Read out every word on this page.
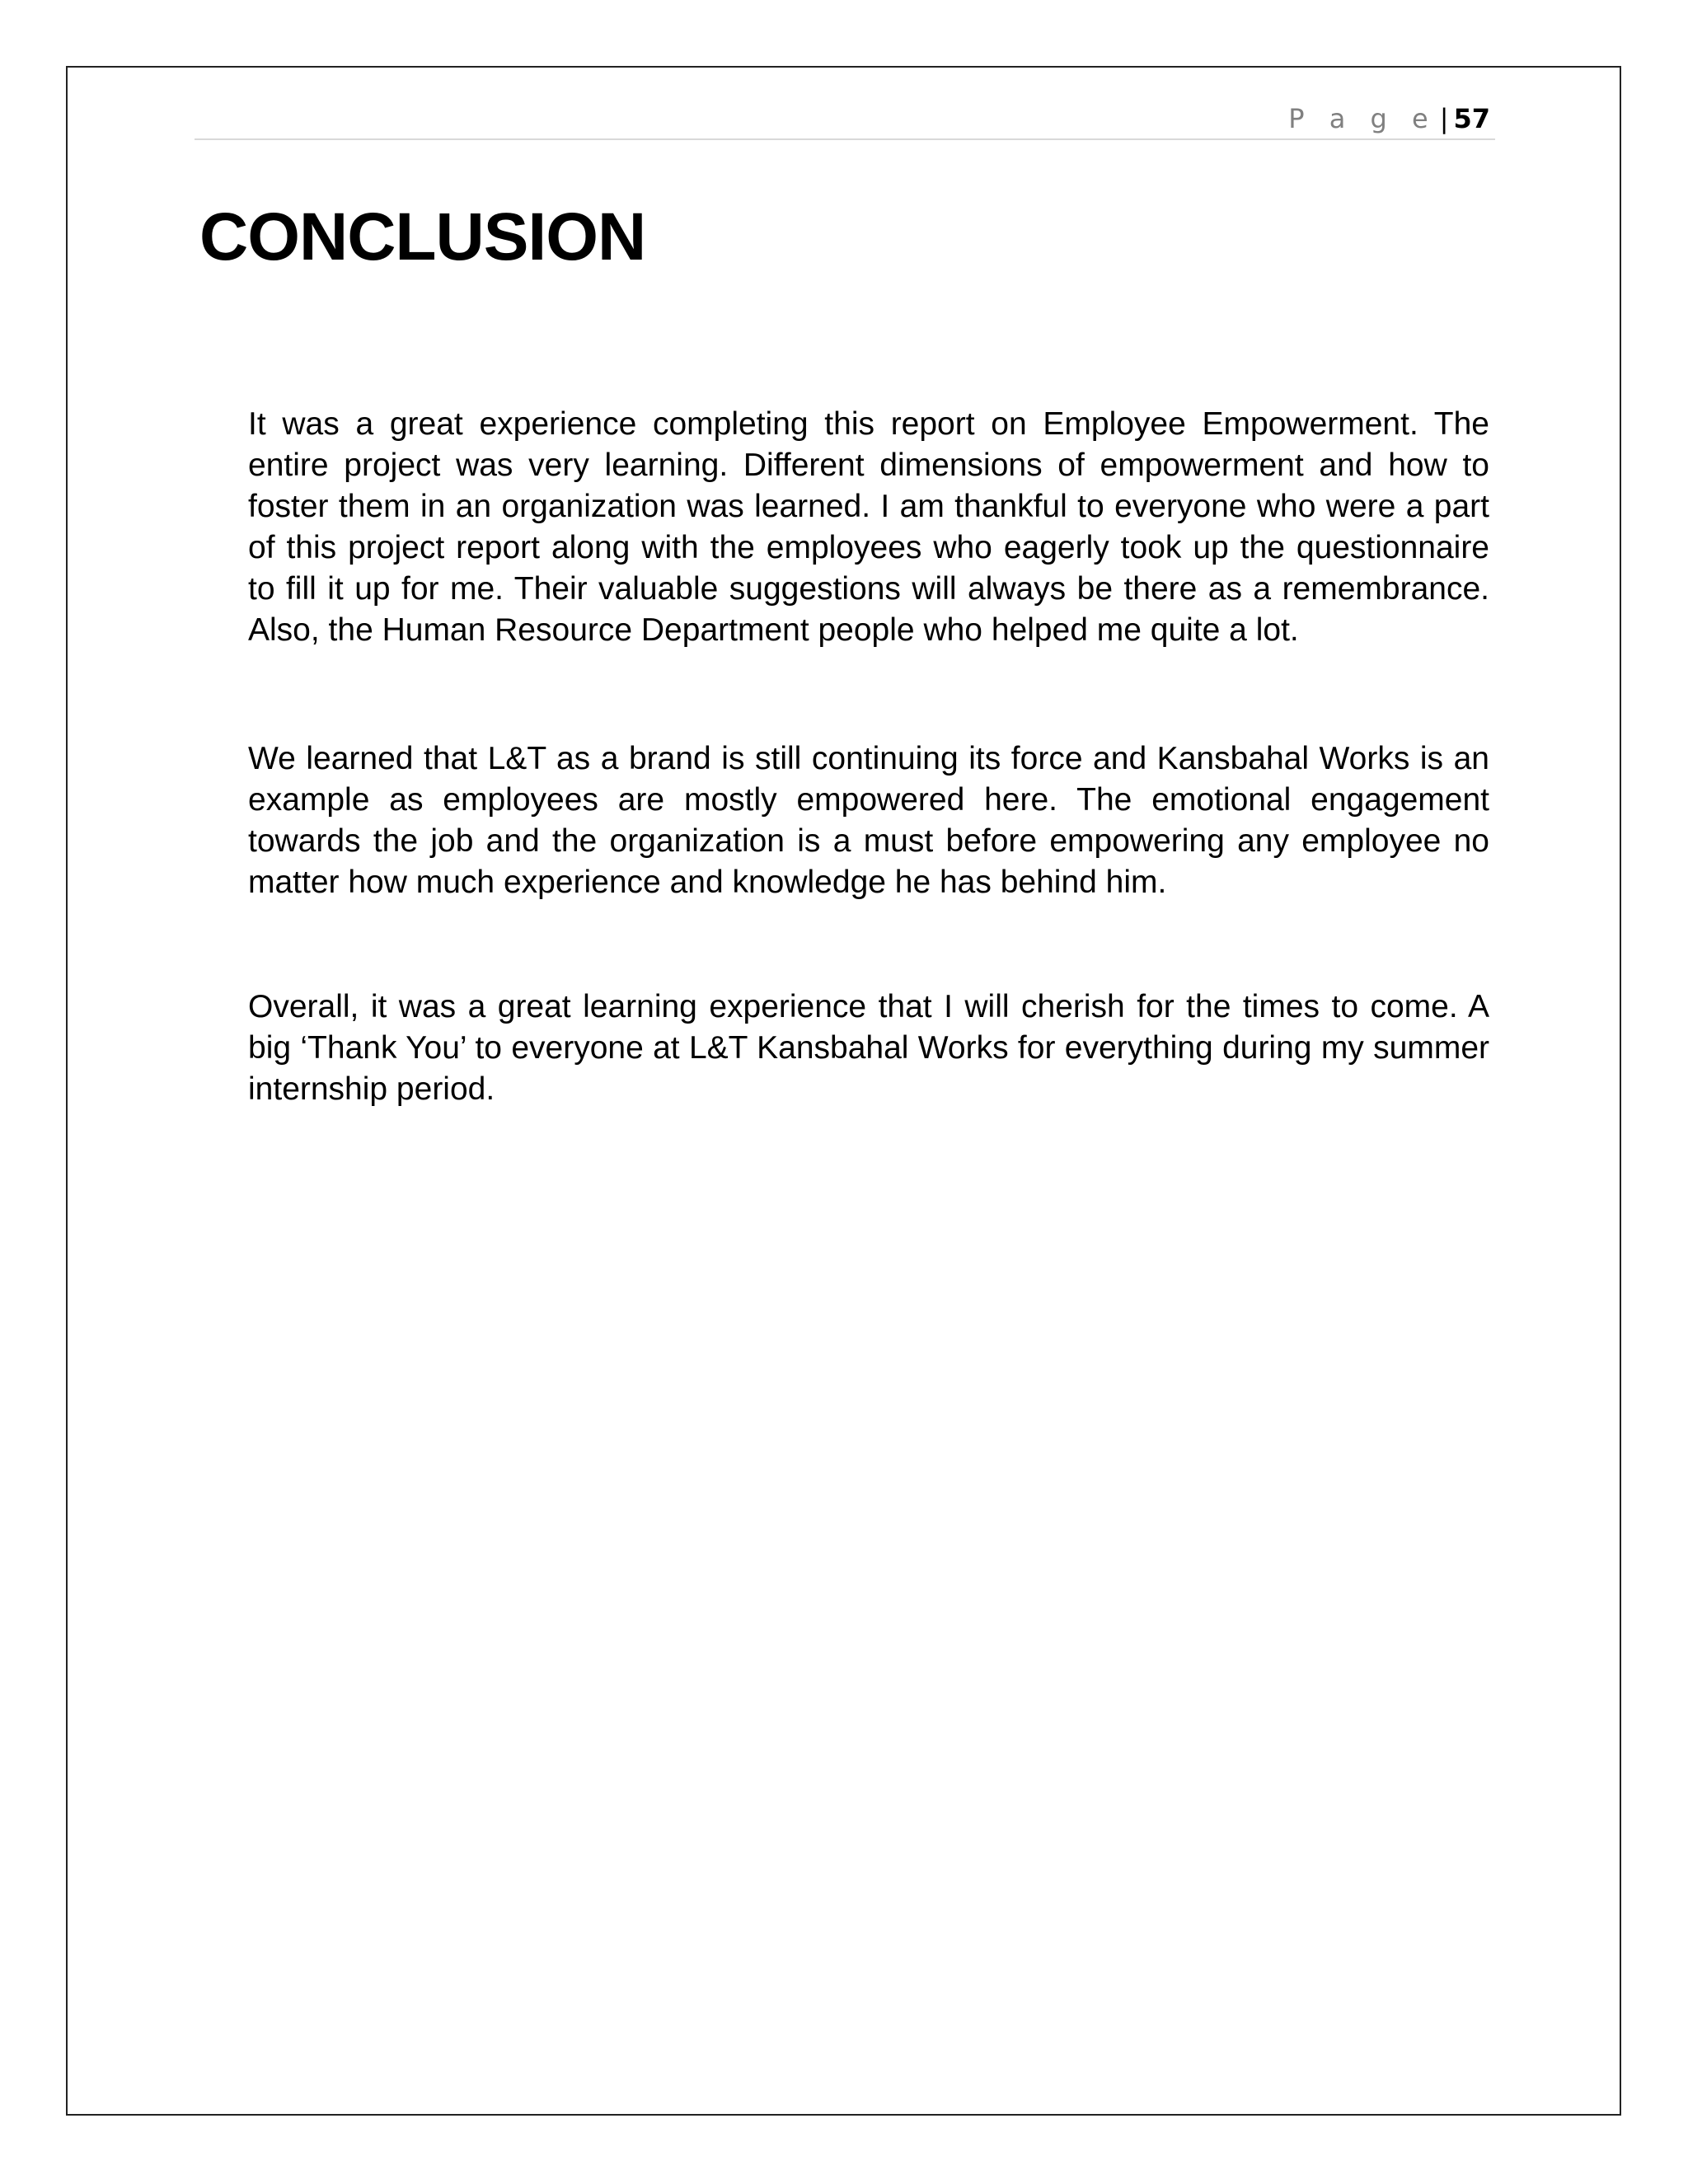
P a g e | 57
CONCLUSION

It was a great experience completing this report on Employee Empowerment. The entire project was very learning. Different dimensions of empowerment and how to foster them in an organization was learned. I am thankful to everyone who were a part of this project report along with the employees who eagerly took up the questionnaire to fill it up for me. Their valuable suggestions will always be there as a remembrance. Also, the Human Resource Department people who helped me quite a lot.

We learned that L&T as a brand is still continuing its force and Kansbahal Works is an example as employees are mostly empowered here. The emotional engagement towards the job and the organization is a must before empowering any employee no matter how much experience and knowledge he has behind him.

Overall, it was a great learning experience that I will cherish for the times to come. A big ‘Thank You’ to everyone at L&T Kansbahal Works for everything during my summer internship period.
